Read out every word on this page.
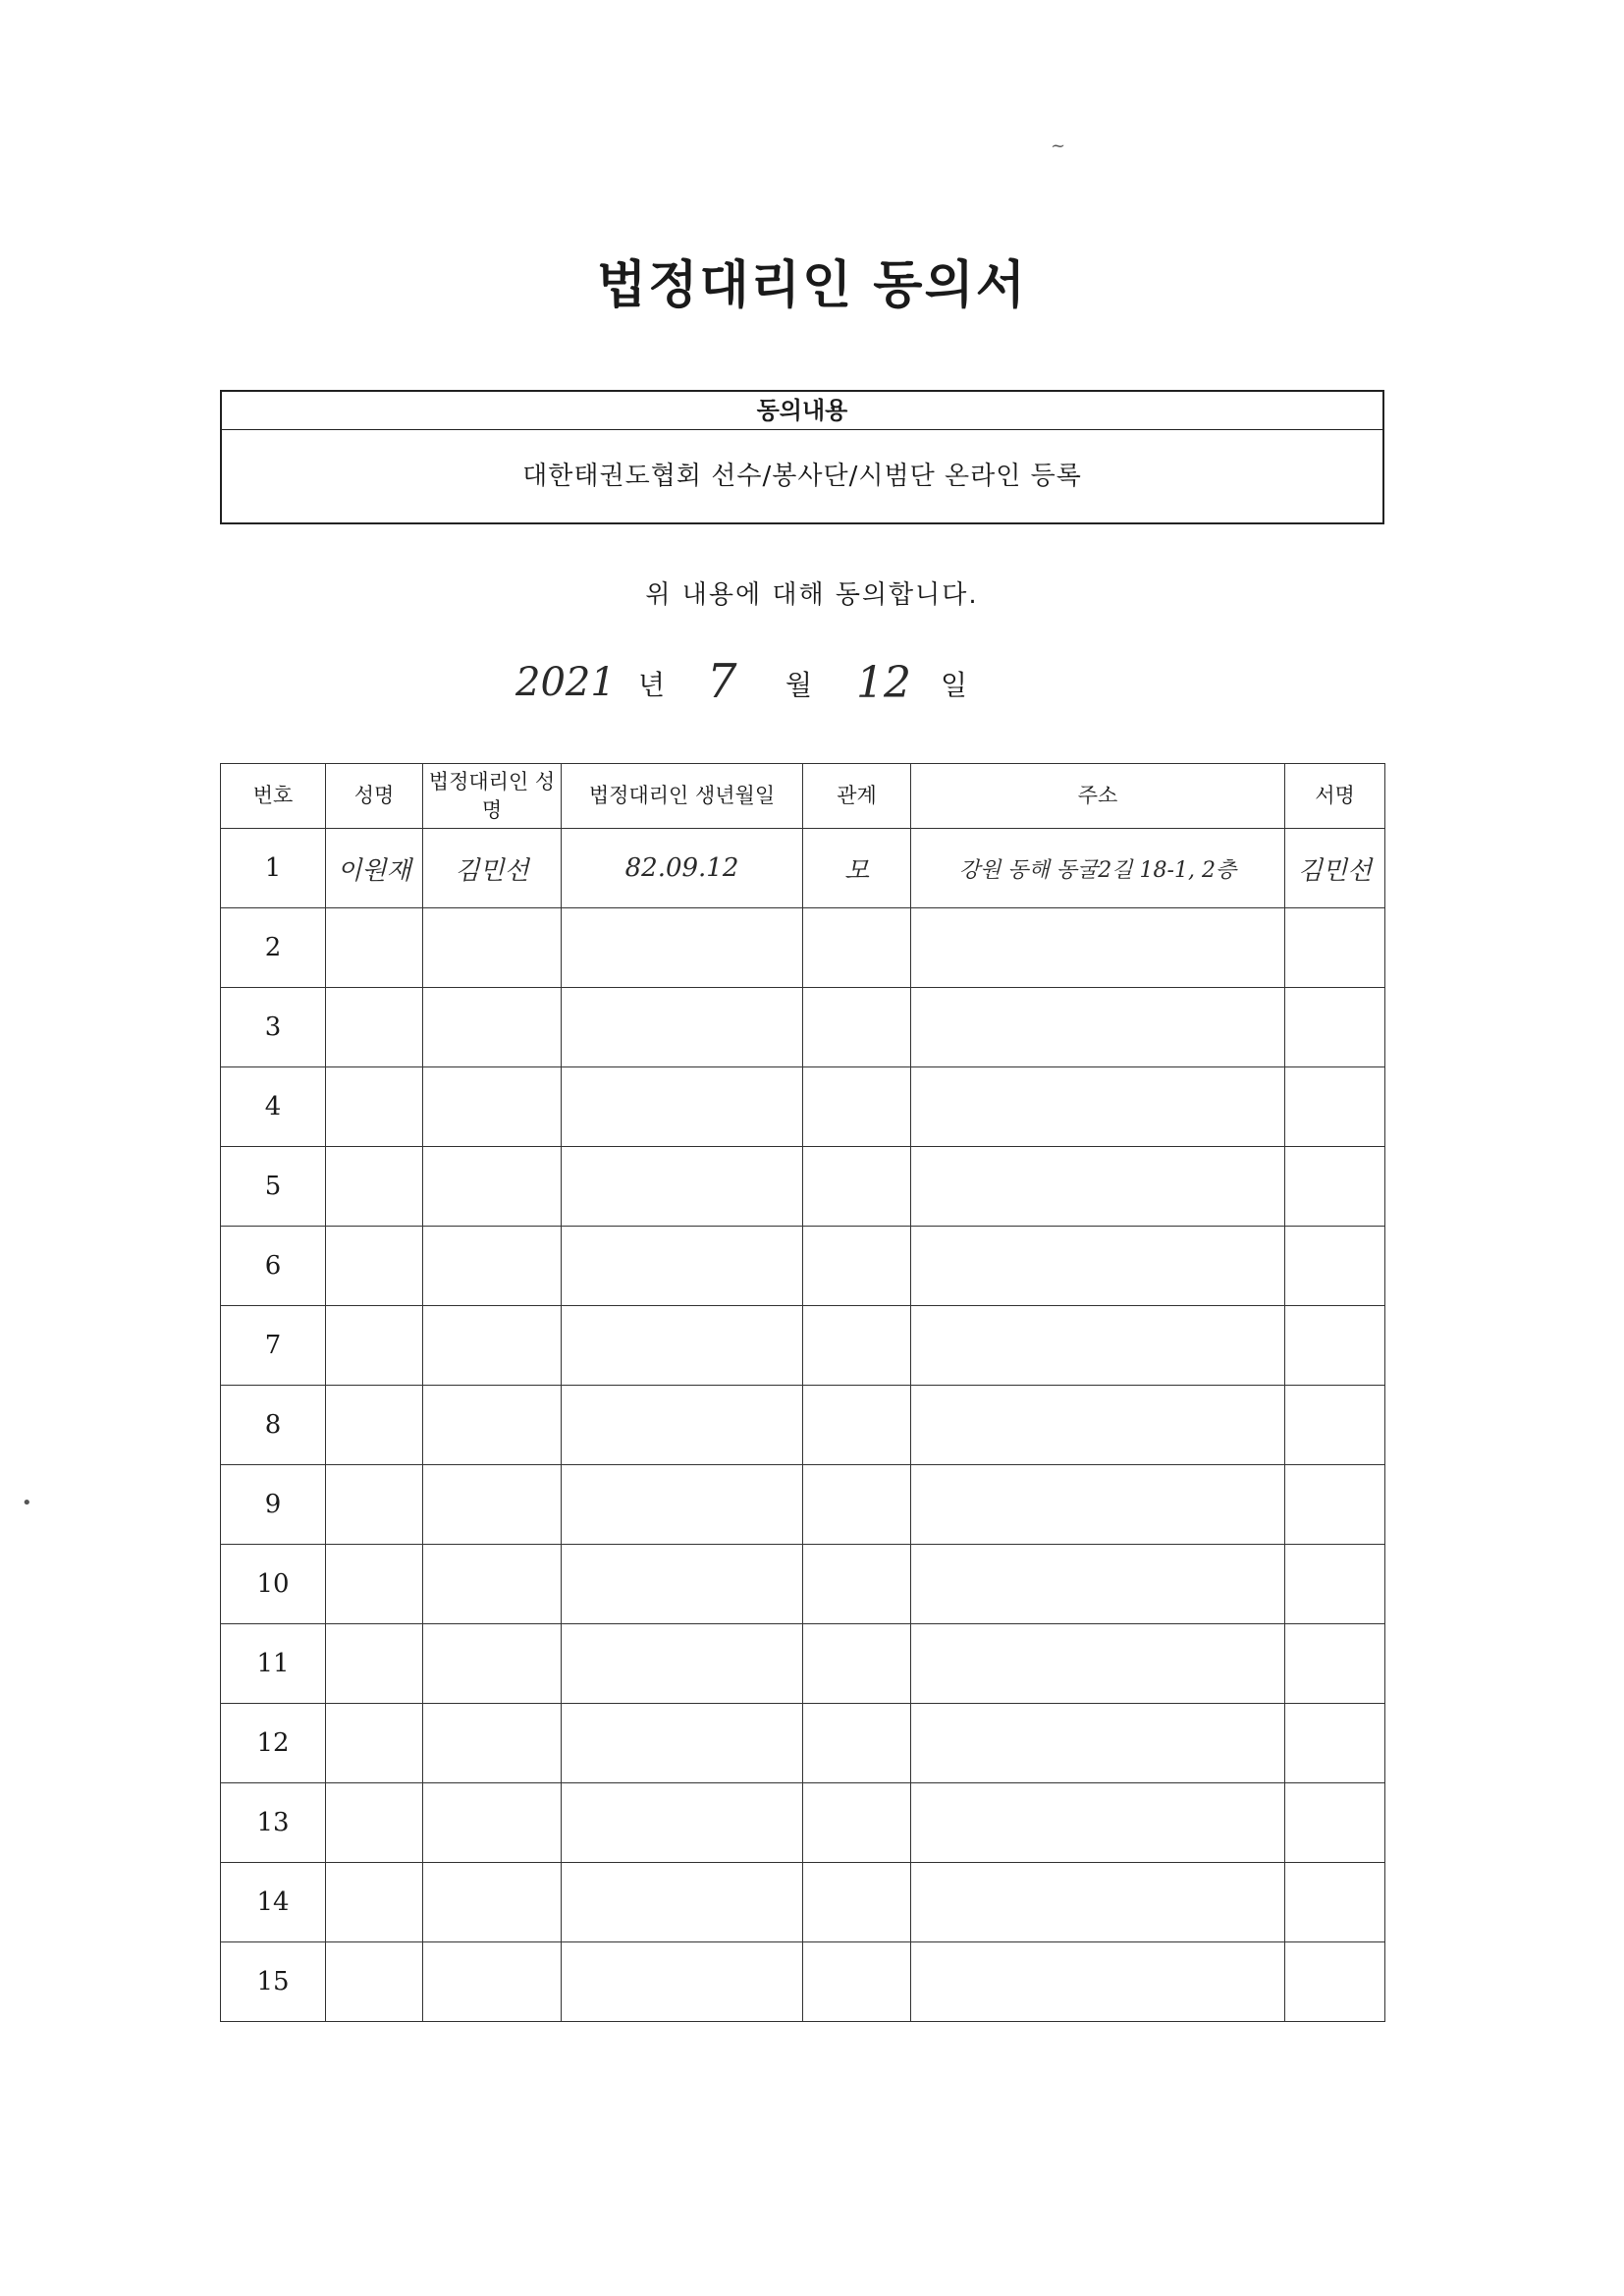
법정대리인 동의서
동의내용
대한태권도협회 선수/봉사단/시범단 온라인 등록
위 내용에 대해 동의합니다.
2021 년 7 월 12 일
번호	성명	법정대리인 성명	법정대리인 생년월일	관계	주소	서명
1	이원재	김민선	82.09.12	모	강원 동해 동굴2길 18-1, 2층	김민선
2						
3						
4						
5						
6						
7						
8						
9						
10						
11						
12						
13						
14						
15						
~
•
